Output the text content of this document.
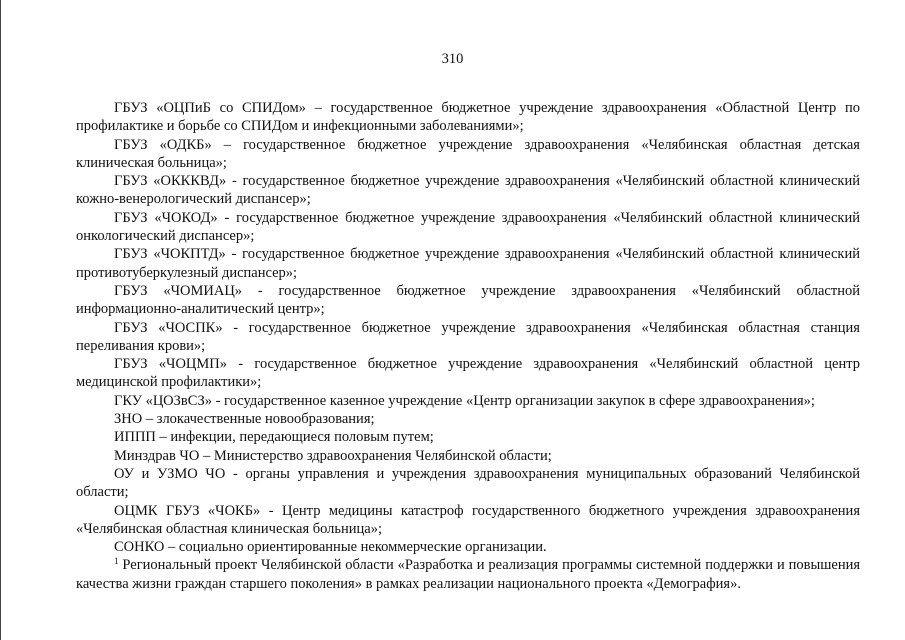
310

ГБУЗ «ОЦПиБ со СПИДом» – государственное бюджетное учреждение здравоохранения «Областной Центр по профилактике и борьбе со СПИДом и инфекционными заболеваниями»;

ГБУЗ «ОДКБ» – государственное бюджетное учреждение здравоохранения «Челябинская областная детская клиническая больница»;

ГБУЗ «ОКККВД» - государственное бюджетное учреждение здравоохранения «Челябинский областной клинический кожно-венерологический диспансер»;

ГБУЗ «ЧОКОД» - государственное бюджетное учреждение здравоохранения «Челябинский областной клинический онкологический диспансер»;

ГБУЗ «ЧОКПТД» - государственное бюджетное учреждение здравоохранения «Челябинский областной клинический противотуберкулезный диспансер»;

ГБУЗ «ЧОМИАЦ» - государственное бюджетное учреждение здравоохранения «Челябинский областной информационно-аналитический центр»;

ГБУЗ «ЧОСПК» - государственное бюджетное учреждение здравоохранения «Челябинская областная станция переливания крови»;

ГБУЗ «ЧОЦМП» - государственное бюджетное учреждение здравоохранения «Челябинский областной центр медицинской профилактики»;

ГКУ «ЦОЗвСЗ» - государственное казенное учреждение «Центр организации закупок в сфере здравоохранения»;

ЗНО – злокачественные новообразования;

ИППП – инфекции, передающиеся половым путем;

Минздрав ЧО – Министерство здравоохранения Челябинской области;

ОУ и УЗМО ЧО - органы управления и учреждения здравоохранения муниципальных образований Челябинской области;

ОЦМК ГБУЗ «ЧОКБ» - Центр медицины катастроф государственного бюджетного учреждения здравоохранения «Челябинская областная клиническая больница»;

СОНКО – социально ориентированные некоммерческие организации.

$^1$ Региональный проект Челябинской области «Разработка и реализация программы системной поддержки и повышения качества жизни граждан старшего поколения» в рамках реализации национального проекта «Демография».
